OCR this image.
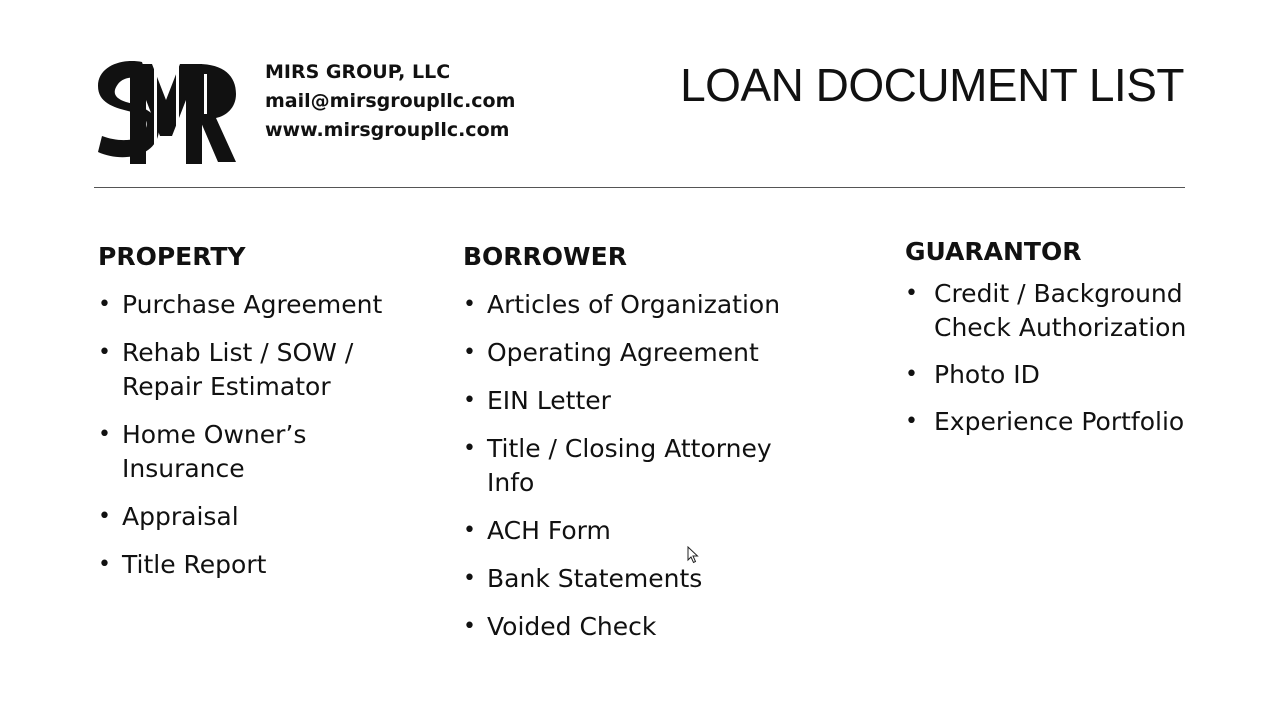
MIRS GROUP, LLC
mail@mirsgroupllc.com
www.mirsgroupllc.com
LOAN DOCUMENT LIST
PROPERTY
• Purchase Agreement
• Rehab List / SOW / Repair Estimator
• Home Owner’s Insurance
• Appraisal
• Title Report
BORROWER
• Articles of Organization
• Operating Agreement
• EIN Letter
• Title / Closing Attorney Info
• ACH Form
• Bank Statements
• Voided Check
GUARANTOR
• Credit / Background Check Authorization
• Photo ID
• Experience Portfolio
